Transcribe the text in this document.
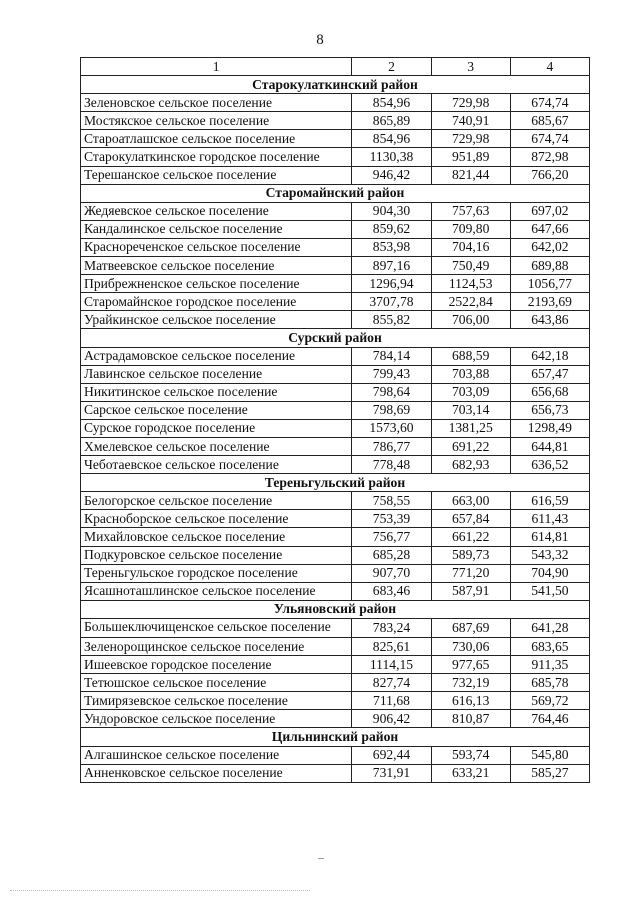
8
1	2	3	4
Старокулаткинский район			
Зеленовское сельское поселение	854,96	729,98	674,74
Мостякское сельское поселение	865,89	740,91	685,67
Староатлашское сельское поселение	854,96	729,98	674,74
Старокулаткинское городское поселение	1130,38	951,89	872,98
Терешанское сельское поселение	946,42	821,44	766,20
Старомайнский район			
Жедяевское сельское поселение	904,30	757,63	697,02
Кандалинское сельское поселение	859,62	709,80	647,66
Краснореченское сельское поселение	853,98	704,16	642,02
Матвеевское сельское поселение	897,16	750,49	689,88
Прибрежненское сельское поселение	1296,94	1124,53	1056,77
Старомайнское городское поселение	3707,78	2522,84	2193,69
Урайкинское сельское поселение	855,82	706,00	643,86
Сурский район			
Астрадамовское сельское поселение	784,14	688,59	642,18
Лавинское сельское поселение	799,43	703,88	657,47
Никитинское сельское поселение	798,64	703,09	656,68
Сарское сельское поселение	798,69	703,14	656,73
Сурское городское поселение	1573,60	1381,25	1298,49
Хмелевское сельское поселение	786,77	691,22	644,81
Чеботаевское сельское поселение	778,48	682,93	636,52
Тереньгульский район			
Белогорское сельское поселение	758,55	663,00	616,59
Красноборское сельское поселение	753,39	657,84	611,43
Михайловское сельское поселение	756,77	661,22	614,81
Подкуровское сельское поселение	685,28	589,73	543,32
Тереньгульское городское поселение	907,70	771,20	704,90
Ясашноташлинское сельское поселение	683,46	587,91	541,50
Ульяновский район			
Большеключищенское сельское поселение	783,24	687,69	641,28
Зеленорощинское сельское поселение	825,61	730,06	683,65
Ишеевское городское поселение	1114,15	977,65	911,35
Тетюшское сельское поселение	827,74	732,19	685,78
Тимирязевское сельское поселение	711,68	616,13	569,72
Ундоровское сельское поселение	906,42	810,87	764,46
Цильнинский район			
Алгашинское сельское поселение	692,44	593,74	545,80
Анненковское сельское поселение	731,91	633,21	585,27
